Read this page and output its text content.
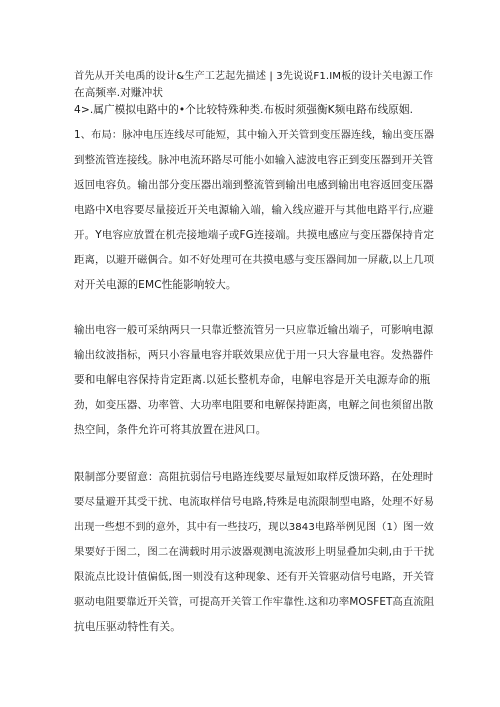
首先从开关电禹的设计&生产工艺起先描述 | 3先说说F1.IM板的设计关电源工作
在高频率.对赚冲状
4>.属广模拟电路中的•个比较特殊种类.布板时须强衡K频电路布线原姻.
1、布局：脉冲电压连线尽可能短，其中输入开关管到变压器连线，输出变压器
到整流管连接线。脉冲电流环路尽可能小如输入滤波电容正到变压器到开关管
返回电容负。输出部分变压器出端到整流管到输出电感到输出电容返回变压器
电路中X电容要尽量接近开关电源输入端，输入线应避开与其他电路平行,应避
开。Y电容应放置在机壳接地端子或FG连接端。共摸电感应与变压器保持肯定
距离，以避开磁偶合。如不好处理可在共摸电感与变压器间加一屏蔽,以上几项
对开关电源的EMC性能影响较大。
输出电容一般可采纳两只一只靠近整流管另一只应靠近输出端子，可影响电源
输出纹波指标，两只小容量电容并联效果应优于用一只大容量电容。发热器件
要和电解电容保持肯定距离.以延长整机寿命，电解电容是开关电源寿命的瓶
劲，如变压器、功率管、大功率电阻要和电解保持距离，电解之间也须留出散
热空间，条件允许可将其放置在进风口。
限制部分要留意：高阻抗弱信号电路连线要尽量短如取样反馈环路，在处理时
要尽量避开其受干扰、电流取样信号电路,特殊是电流限制型电路，处理不好易
出现一些想不到的意外，其中有一些技巧，现以3843电路举例见图（1）图一效
果要好于图二，图二在满载时用示波器观测电流波形上明显叠加尖刺,由于干扰
限流点比设计值偏低,图一则没有这种现象、还有开关管驱动信号电路，开关管
驱动电阻要靠近开关管，可提高开关管工作牢靠性.这和功率MOSFET高直流阻
抗电压驱动特性有关。
